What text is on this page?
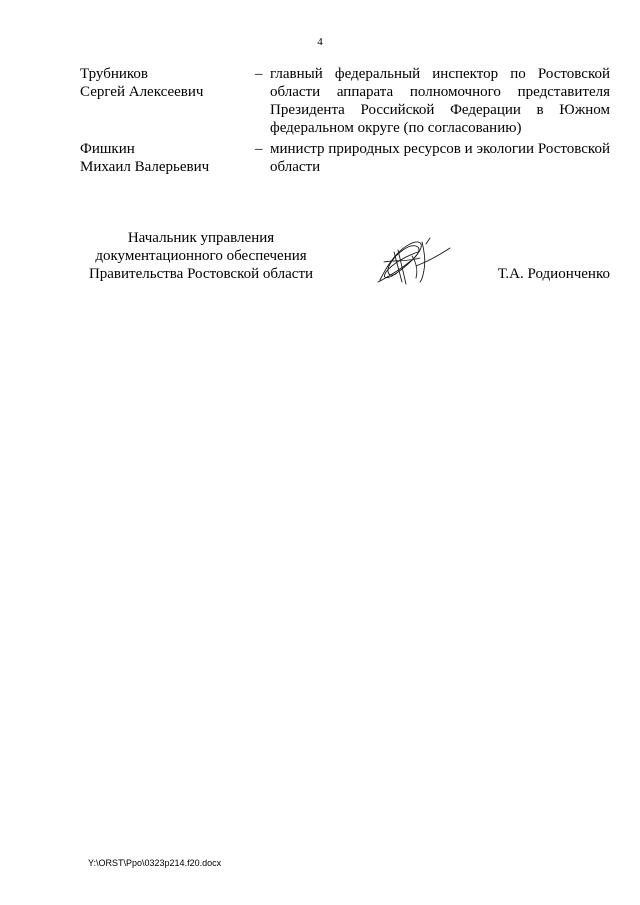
4
Трубников
Сергей Алексеевич
– главный федеральный инспектор по Ростовской области аппарата полномочного представителя Президента Российской Федерации в Южном федеральном округе (по согласованию)
Фишкин
Михаил Валерьевич
– министр природных ресурсов и экологии Ростовской области
Начальник управления
документационного обеспечения
Правительства Ростовской области	Т.А. Родионченко
Y:\ORST\Ppo\0323p214.f20.docx
